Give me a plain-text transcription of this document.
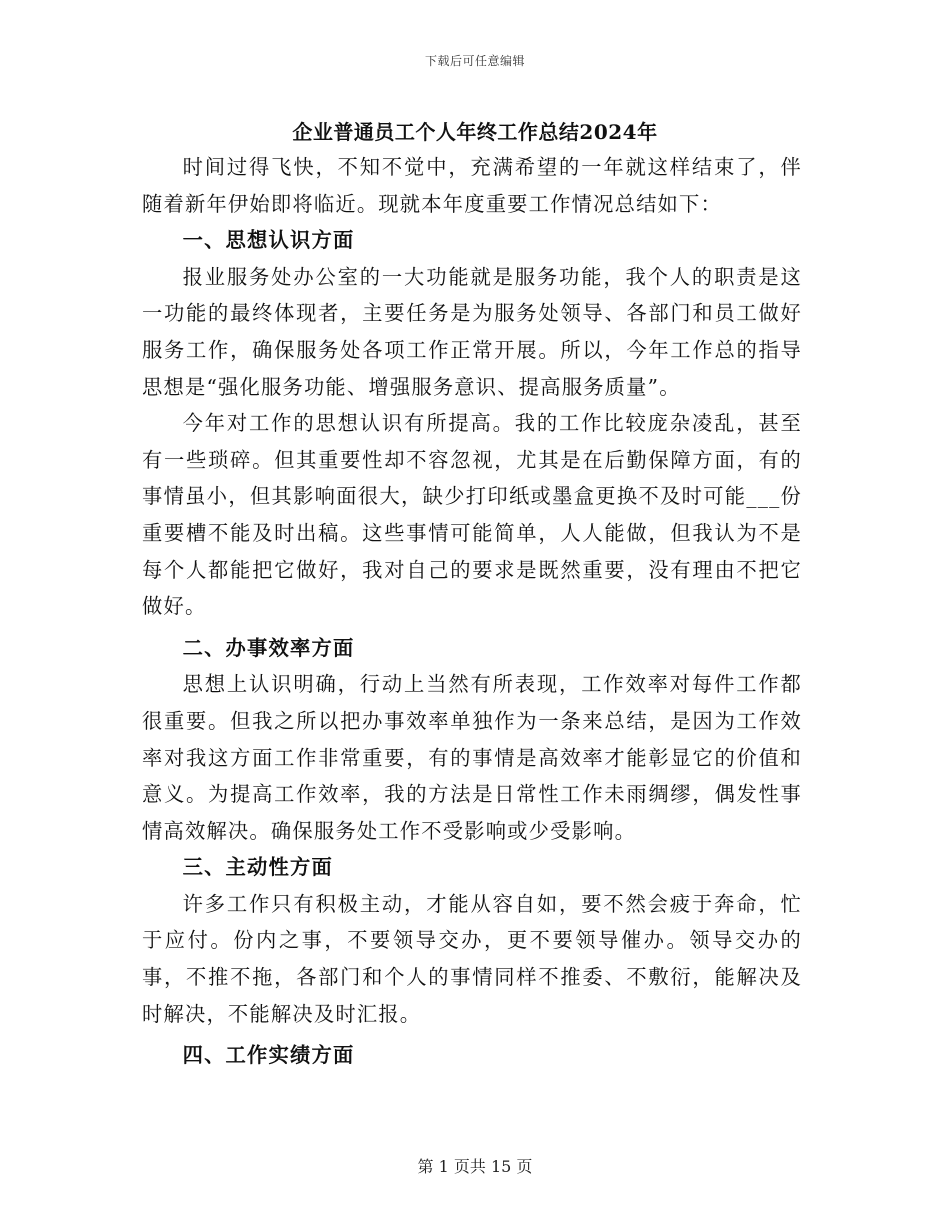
下载后可任意编辑
企业普通员工个人年终工作总结2024年

时间过得飞快，不知不觉中，充满希望的一年就这样结束了，伴随着新年伊始即将临近。现就本年度重要工作情况总结如下：

一、思想认识方面

报业服务处办公室的一大功能就是服务功能，我个人的职责是这一功能的最终体现者，主要任务是为服务处领导、各部门和员工做好服务工作，确保服务处各项工作正常开展。所以，今年工作总的指导思想是“强化服务功能、增强服务意识、提高服务质量”。

今年对工作的思想认识有所提高。我的工作比较庞杂凌乱，甚至有一些琐碎。但其重要性却不容忽视，尤其是在后勤保障方面，有的事情虽小，但其影响面很大，缺少打印纸或墨盒更换不及时可能___份重要槽不能及时出稿。这些事情可能简单，人人能做，但我认为不是每个人都能把它做好，我对自己的要求是既然重要，没有理由不把它做好。

二、办事效率方面

思想上认识明确，行动上当然有所表现，工作效率对每件工作都很重要。但我之所以把办事效率单独作为一条来总结，是因为工作效率对我这方面工作非常重要，有的事情是高效率才能彰显它的价值和意义。为提高工作效率，我的方法是日常性工作未雨绸缪，偶发性事情高效解决。确保服务处工作不受影响或少受影响。

三、主动性方面

许多工作只有积极主动，才能从容自如，要不然会疲于奔命，忙于应付。份内之事，不要领导交办，更不要领导催办。领导交办的事，不推不拖，各部门和个人的事情同样不推委、不敷衍，能解决及时解决，不能解决及时汇报。

四、工作实绩方面
第 1 页共 15 页
